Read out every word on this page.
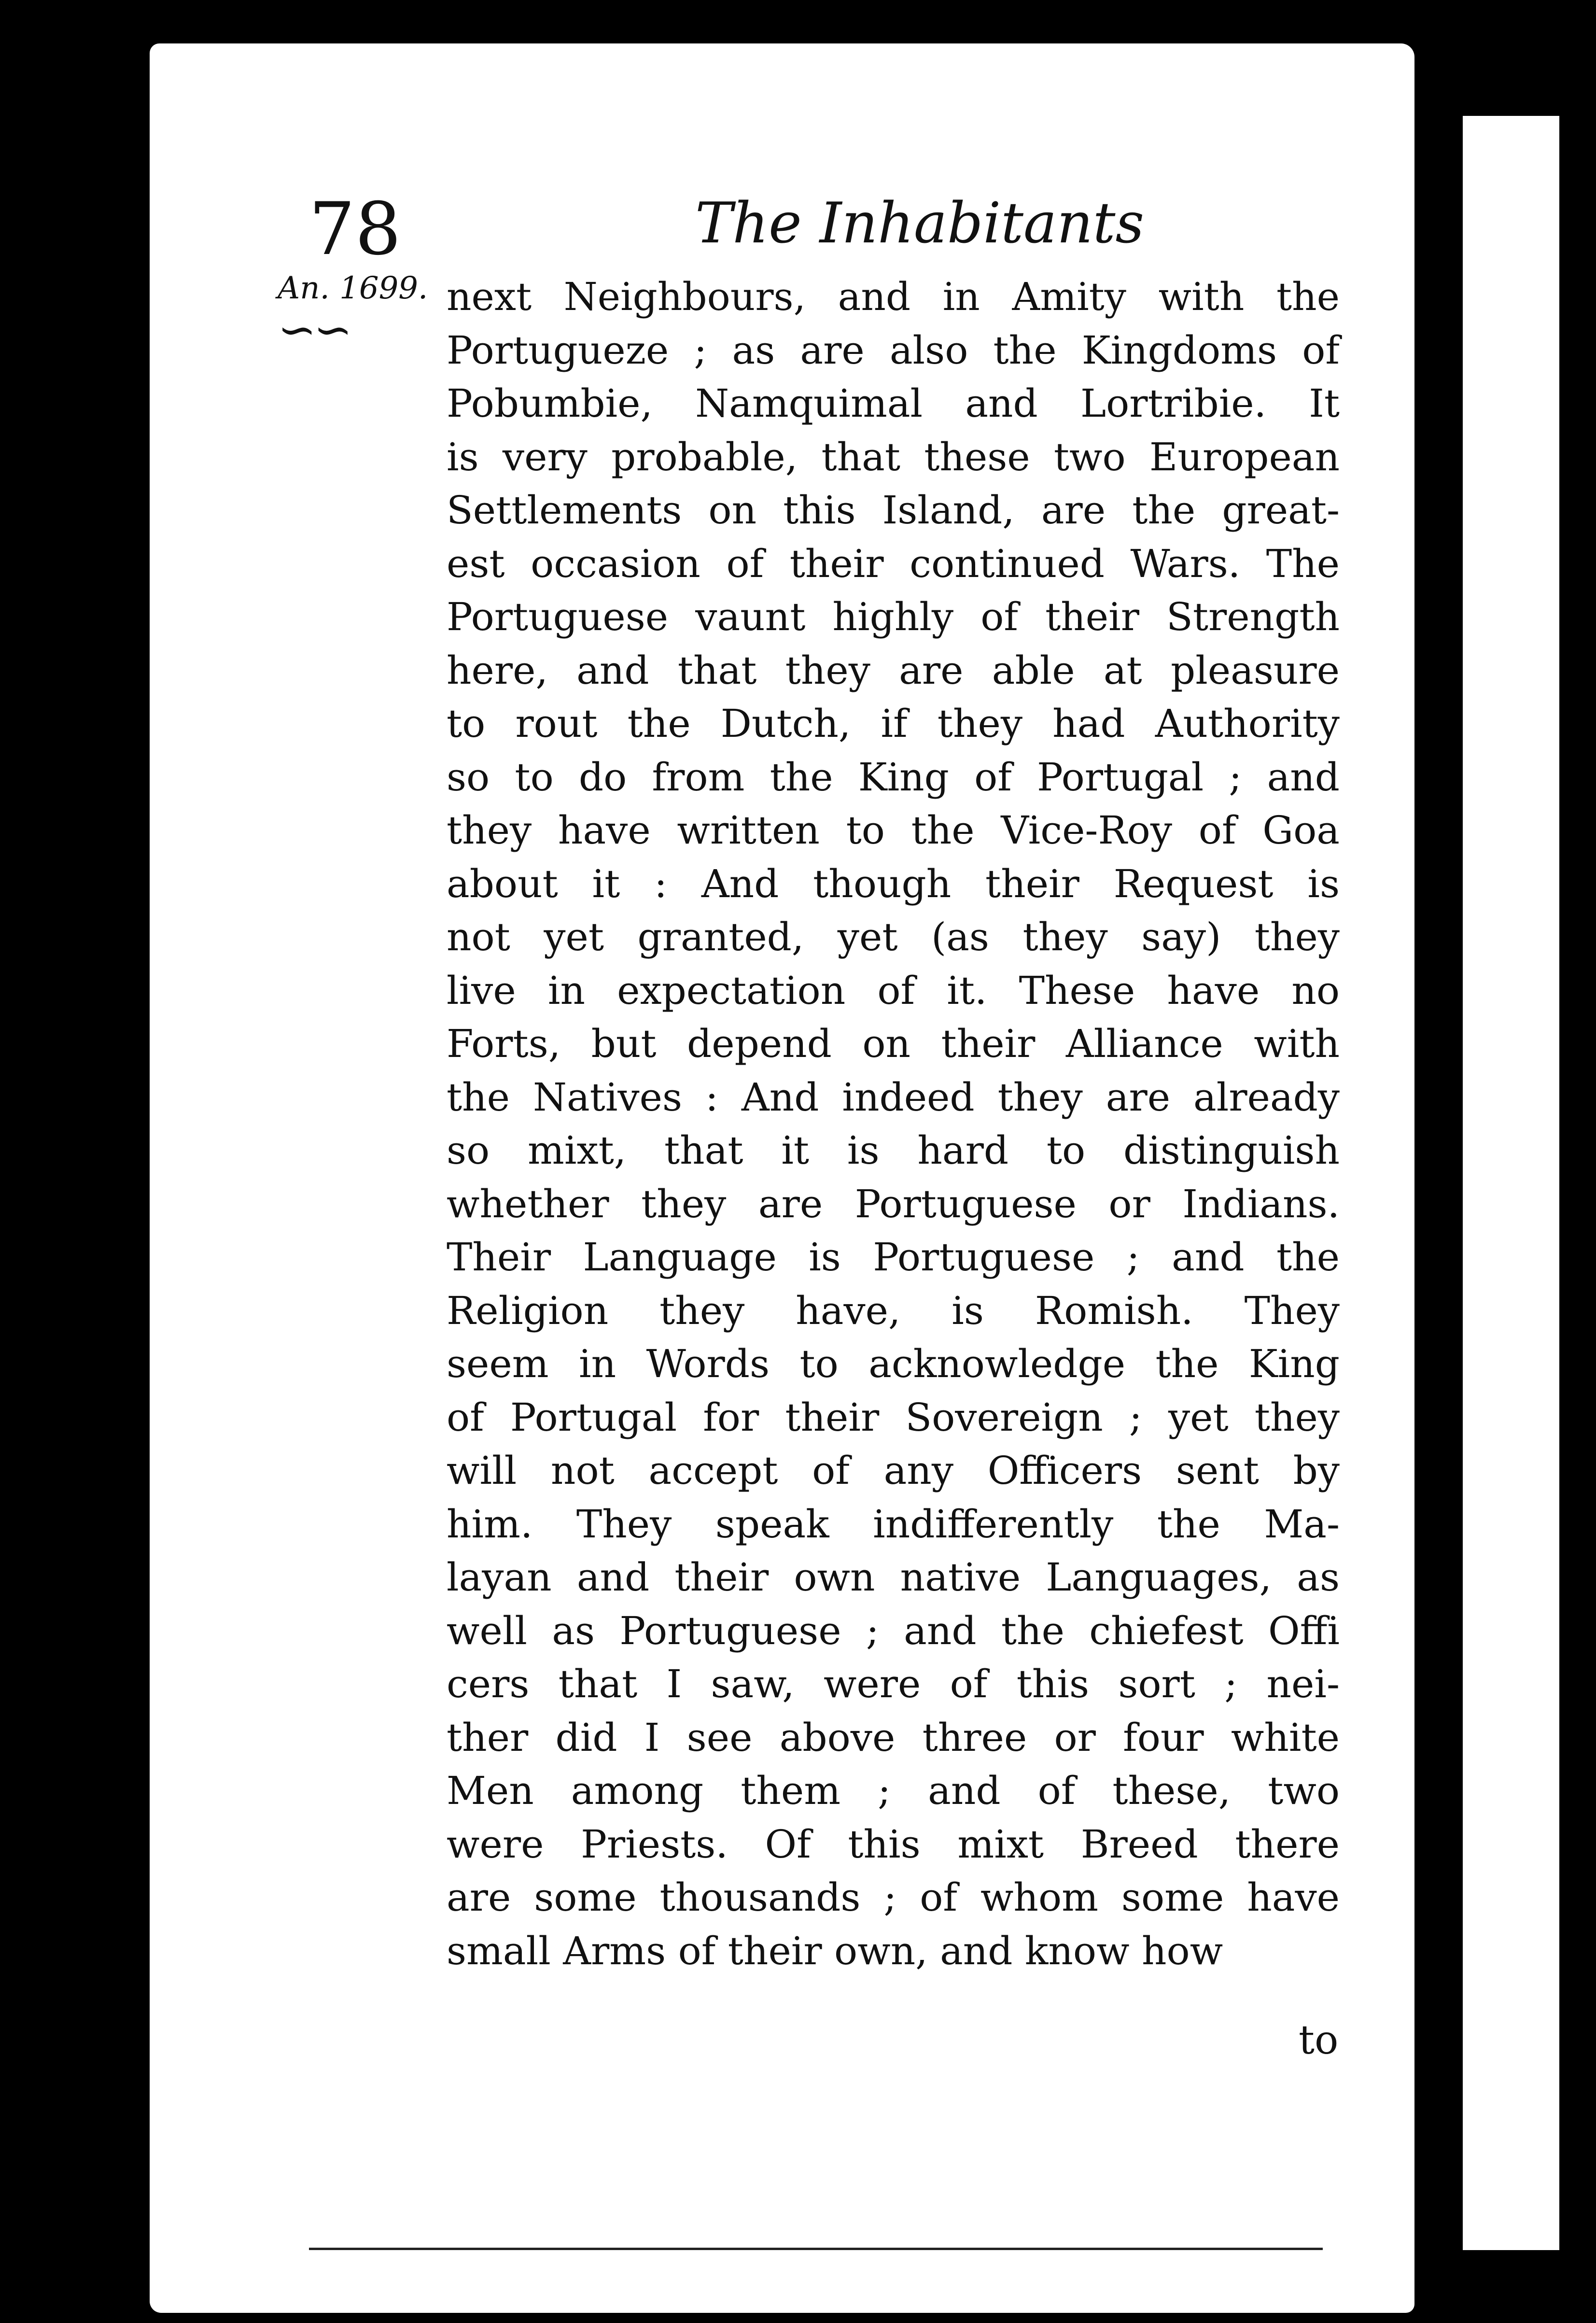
78	The Inhabitants
An. 1699.
∽∽
next Neighbours, and in Amity with the
Portugueze ; as are also the Kingdoms of
Pobumbie, Namquimal and Lortribie. It
is very probable, that these two European
Settlements on this Island, are the great-
est occasion of their continued Wars. The
Portuguese vaunt highly of their Strength
here, and that they are able at pleasure
to rout the Dutch, if they had Authority
so to do from the King of Portugal ; and
they have written to the Vice-Roy of Goa
about it : And though their Request is
not yet granted, yet (as they say) they
live in expectation of it. These have no
Forts, but depend on their Alliance with
the Natives : And indeed they are already
so mixt, that it is hard to distinguish
whether they are Portuguese or Indians.
Their Language is Portuguese ; and the
Religion they have, is Romish. They
seem in Words to acknowledge the King
of Portugal for their Sovereign ; yet they
will not accept of any Officers sent by
him. They speak indifferently the Ma-
layan and their own native Languages, as
well as Portuguese ; and the chiefest Offi
cers that I saw, were of this sort ; nei-
ther did I see above three or four white
Men among them ; and of these, two
were Priests. Of this mixt Breed there
are some thousands ; of whom some have
small Arms of their own, and know how
to
